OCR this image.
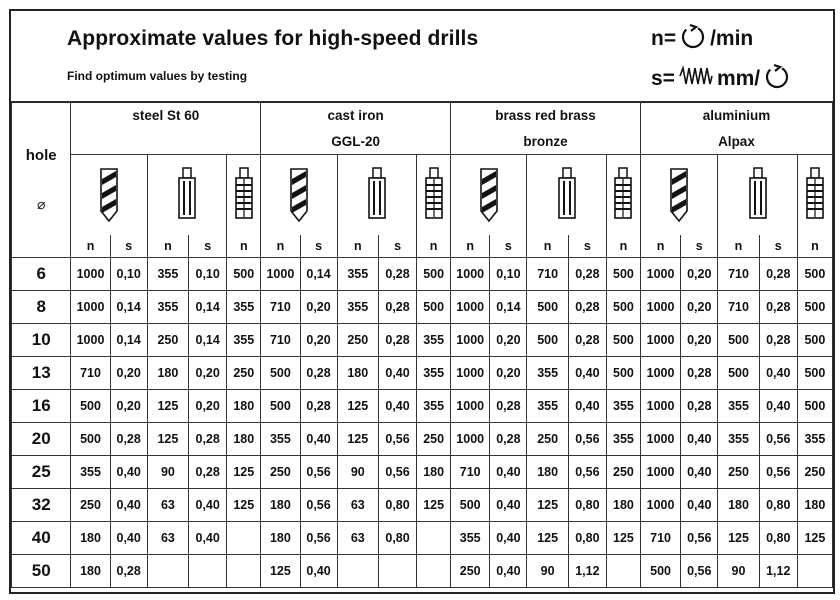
Approximate values for high-speed drills
Find optimum values by testing
n= /min
s= mm/
hole
⌀	steel St 60					cast iron					brass red brass					aluminium				
						GGL-20					bronze					Alpax				

	n	s	n	s	n	n	s	n	s	n	n	s	n	s	n	n	s	n	s	n
6	1000	0,10	355	0,10	500	1000	0,14	355	0,28	500	1000	0,10	710	0,28	500	1000	0,20	710	0,28	500
8	1000	0,14	355	0,14	355	710	0,20	355	0,28	500	1000	0,14	500	0,28	500	1000	0,20	710	0,28	500
10	1000	0,14	250	0,14	355	710	0,20	250	0,28	355	1000	0,20	500	0,28	500	1000	0,20	500	0,28	500
13	710	0,20	180	0,20	250	500	0,28	180	0,40	355	1000	0,20	355	0,40	500	1000	0,28	500	0,40	500
16	500	0,20	125	0,20	180	500	0,28	125	0,40	355	1000	0,28	355	0,40	355	1000	0,28	355	0,40	500
20	500	0,28	125	0,28	180	355	0,40	125	0,56	250	1000	0,28	250	0,56	355	1000	0,40	355	0,56	355
25	355	0,40	90	0,28	125	250	0,56	90	0,56	180	710	0,40	180	0,56	250	1000	0,40	250	0,56	250
32	250	0,40	63	0,40	125	180	0,56	63	0,80	125	500	0,40	125	0,80	180	1000	0,40	180	0,80	180
40	180	0,40	63	0,40		180	0,56	63	0,80		355	0,40	125	0,80	125	710	0,56	125	0,80	125
50	180	0,28				125	0,40				250	0,40	90	1,12		500	0,56	90	1,12	
